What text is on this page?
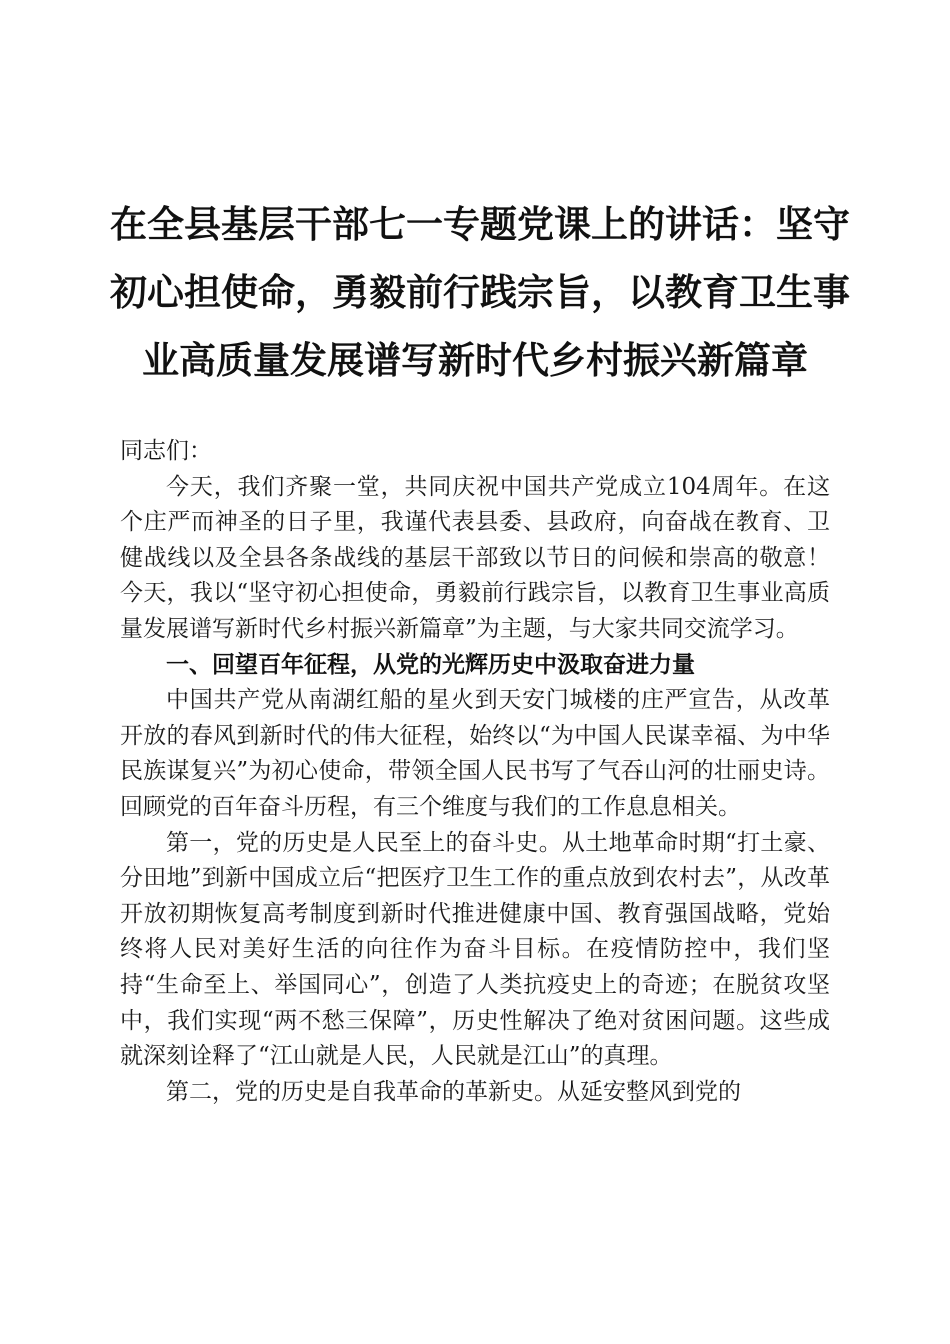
在全县基层干部七一专题党课上的讲话：坚守
初心担使命，勇毅前行践宗旨，以教育卫生事
业高质量发展谱写新时代乡村振兴新篇章

同志们：

今天，我们齐聚一堂，共同庆祝中国共产党成立104周年。在这个庄严而神圣的日子里，我谨代表县委、县政府，向奋战在教育、卫健战线以及全县各条战线的基层干部致以节日的问候和崇高的敬意！今天，我以“坚守初心担使命，勇毅前行践宗旨，以教育卫生事业高质量发展谱写新时代乡村振兴新篇章”为主题，与大家共同交流学习。

一、回望百年征程，从党的光辉历史中汲取奋进力量

中国共产党从南湖红船的星火到天安门城楼的庄严宣告，从改革开放的春风到新时代的伟大征程，始终以“为中国人民谋幸福、为中华民族谋复兴”为初心使命，带领全国人民书写了气吞山河的壮丽史诗。回顾党的百年奋斗历程，有三个维度与我们的工作息息相关。

第一，党的历史是人民至上的奋斗史。从土地革命时期“打土豪、分田地”到新中国成立后“把医疗卫生工作的重点放到农村去”，从改革开放初期恢复高考制度到新时代推进健康中国、教育强国战略，党始终将人民对美好生活的向往作为奋斗目标。在疫情防控中，我们坚持“生命至上、举国同心”，创造了人类抗疫史上的奇迹；在脱贫攻坚中，我们实现“两不愁三保障”，历史性解决了绝对贫困问题。这些成就深刻诠释了“江山就是人民，人民就是江山”的真理。

第二，党的历史是自我革命的革新史。从延安整风到党的
